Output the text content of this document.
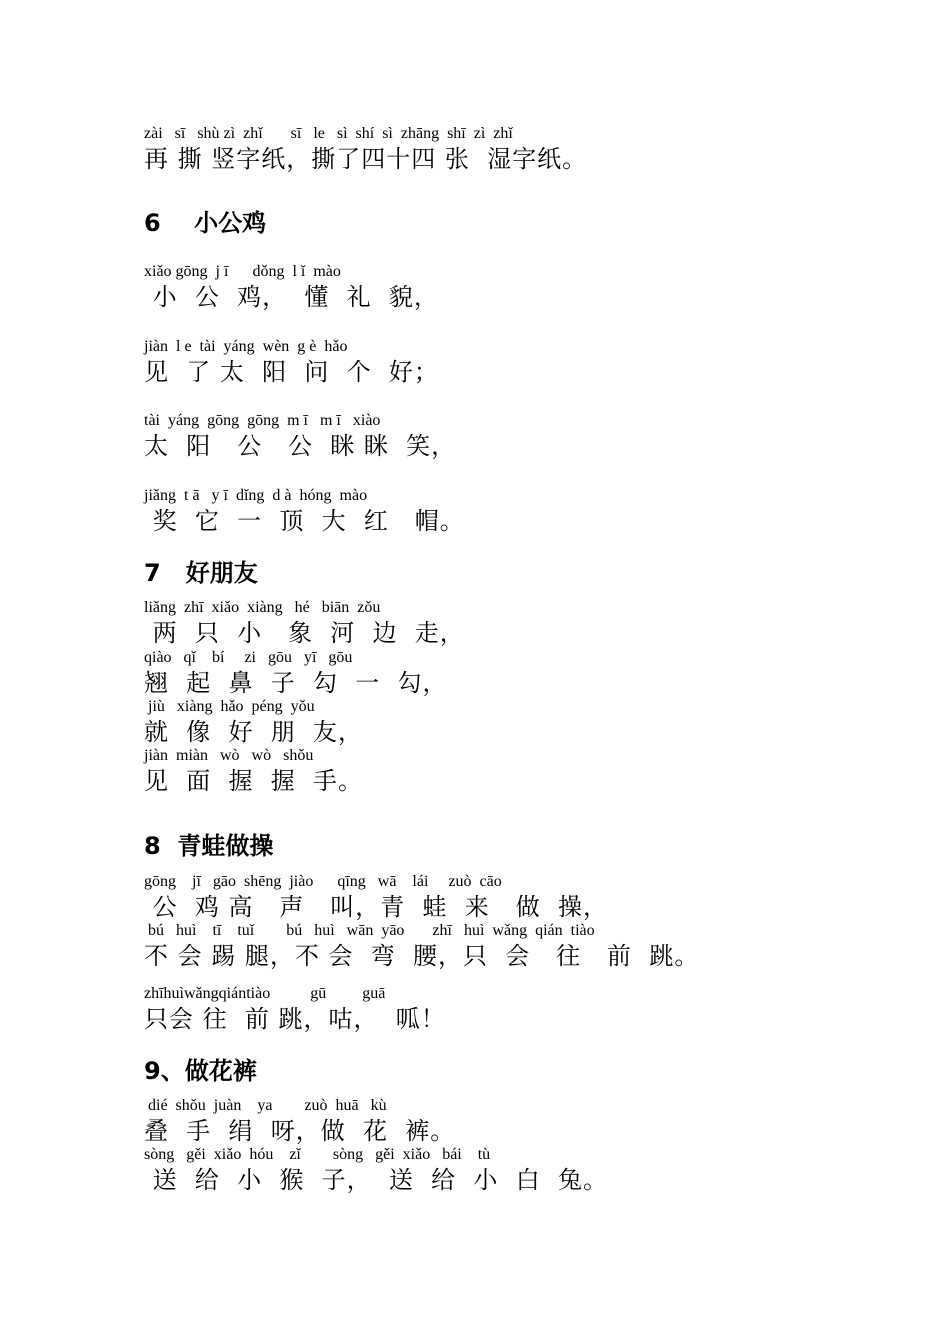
zài   sī   shù zì  zhǐ       sī   le   sì  shí  sì  zhāng  shī  zì  zhǐ
再 撕 竖字纸，撕了四十四 张  湿字纸。
6    小公鸡
xiǎo gōng  j ī      dǒng  l ǐ  mào
小  公  鸡，  懂  礼  貌，
jiàn  l e  tài  yáng  wèn  g è  hǎo
见  了 太  阳  问  个  好；
tài  yáng  gōng  gōng  m ī   m ī   xiào
太  阳   公   公  眯 眯  笑，
jiǎng  t ā   y ī  dǐng  d à  hóng  mào
奖  它  一  顶  大  红   帽。
7   好朋友
liǎng  zhī  xiǎo  xiàng   hé   biān  zǒu
两  只  小   象  河  边  走，
qiào   qǐ    bí     zi   gōu   yī   gōu
翘  起  鼻  子  勾  一  勾，
jiù   xiàng  hǎo  péng  yǒu
就  像  好  朋  友，
jiàn  miàn   wò   wò   shǒu
见  面  握  握  手。
8  青蛙做操
gōng    jī   gāo  shēng  jiào      qīng   wā    lái     zuò  cāo
公  鸡 高   声   叫，青  蛙  来   做  操，
bú   huì    tī    tuǐ        bú   huì   wān  yāo       zhī   huì  wǎng  qián  tiào
不 会 踢 腿，不 会  弯  腰，只  会   往   前  跳。
zhīhuìwǎngqiántiào          gū         guā
只会 往  前 跳，咕，  呱！
9、做花裤
dié  shǒu  juàn    ya        zuò  huā   kù
叠  手  绢  呀，做  花  裤。
sòng   gěi  xiǎo  hóu    zǐ        sòng   gěi  xiǎo   bái    tù
送  给  小  猴  子，  送  给  小  白  兔。
